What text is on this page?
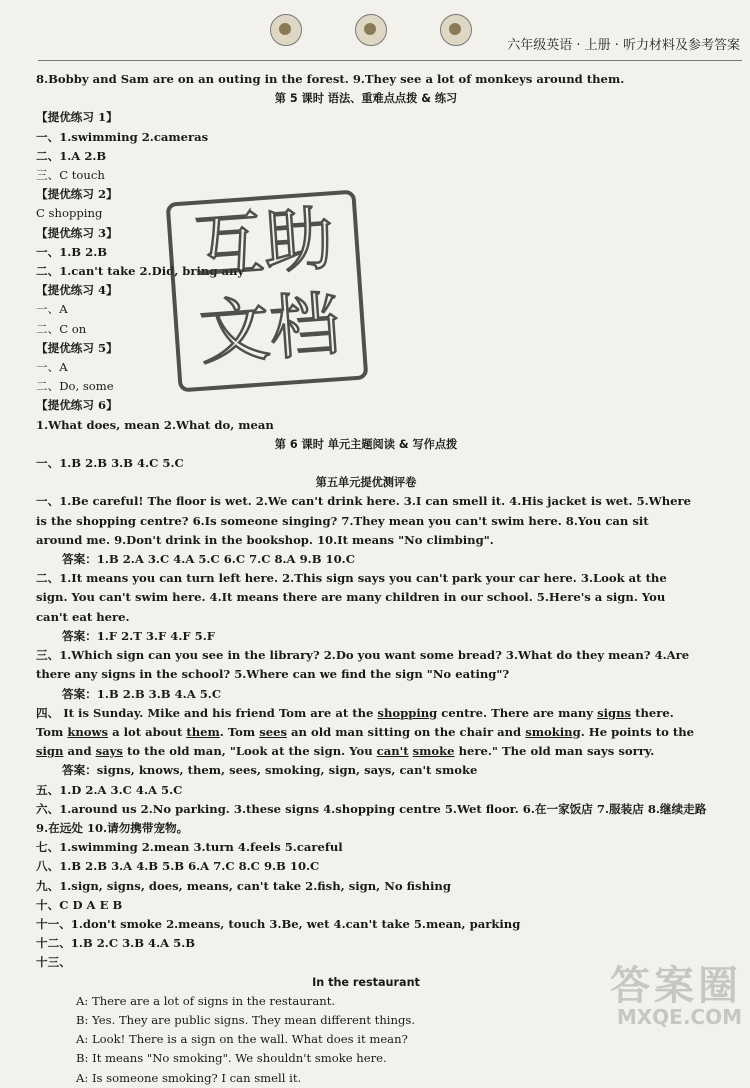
六年级英语 · 上册 · 听力材料及参考答案
8.Bobby and Sam are on an outing in the forest. 9.They see a lot of monkeys around them.
第 5 课时 语法、重难点点拨 & 练习
【提优练习 1】
一、1.swimming 2.cameras
二、1.A 2.B
三、C touch
【提优练习 2】
C shopping
【提优练习 3】
一、1.B 2.B
二、1.can't take 2.Did, bring any
【提优练习 4】
一、A
二、C on
【提优练习 5】
一、A
二、Do, some
【提优练习 6】
1.What does, mean 2.What do, mean
第 6 课时 单元主题阅读 & 写作点拨
一、1.B 2.B 3.B 4.C 5.C
第五单元提优测评卷
一、1.Be careful! The floor is wet. 2.We can't drink here. 3.I can smell it. 4.His jacket is wet. 5.Where is the shopping centre? 6.Is someone singing? 7.They mean you can't swim here. 8.You can sit around me. 9.Don't drink in the bookshop. 10.It means "No climbing".
答案：1.B 2.A 3.C 4.A 5.C 6.C 7.C 8.A 9.B 10.C
二、1.It means you can turn left here. 2.This sign says you can't park your car here. 3.Look at the sign. You can't swim here. 4.It means there are many children in our school. 5.Here's a sign. You can't eat here.
答案：1.F 2.T 3.F 4.F 5.F
三、1.Which sign can you see in the library? 2.Do you want some bread? 3.What do they mean? 4.Are there any signs in the school? 5.Where can we find the sign "No eating"?
答案：1.B 2.B 3.B 4.A 5.C
四、 It is Sunday. Mike and his friend Tom are at the shopping centre. There are many signs there. Tom knows a lot about them. Tom sees an old man sitting on the chair and smoking. He points to the sign and says to the old man, "Look at the sign. You can't smoke here." The old man says sorry.
答案：signs, knows, them, sees, smoking, sign, says, can't smoke
五、1.D 2.A 3.C 4.A 5.C
六、1.around us 2.No parking. 3.these signs 4.shopping centre 5.Wet floor. 6.在一家饭店 7.服装店 8.继续走路
9.在远处 10.请勿携带宠物。
七、1.swimming 2.mean 3.turn 4.feels 5.careful
八、1.B 2.B 3.A 4.B 5.B 6.A 7.C 8.C 9.B 10.C
九、1.sign, signs, does, means, can't take 2.fish, sign, No fishing
十、C D A E B
十一、1.don't smoke 2.means, touch 3.Be, wet 4.can't take 5.mean, parking
十二、1.B 2.C 3.B 4.A 5.B
十三、
In the restaurant
A: There are a lot of signs in the restaurant.
B: Yes. They are public signs. They mean different things.
A: Look! There is a sign on the wall. What does it mean?
B: It means "No smoking". We shouldn't smoke here.
A: Is someone smoking? I can smell it.
互助文档
答案圈
MXQE.COM
